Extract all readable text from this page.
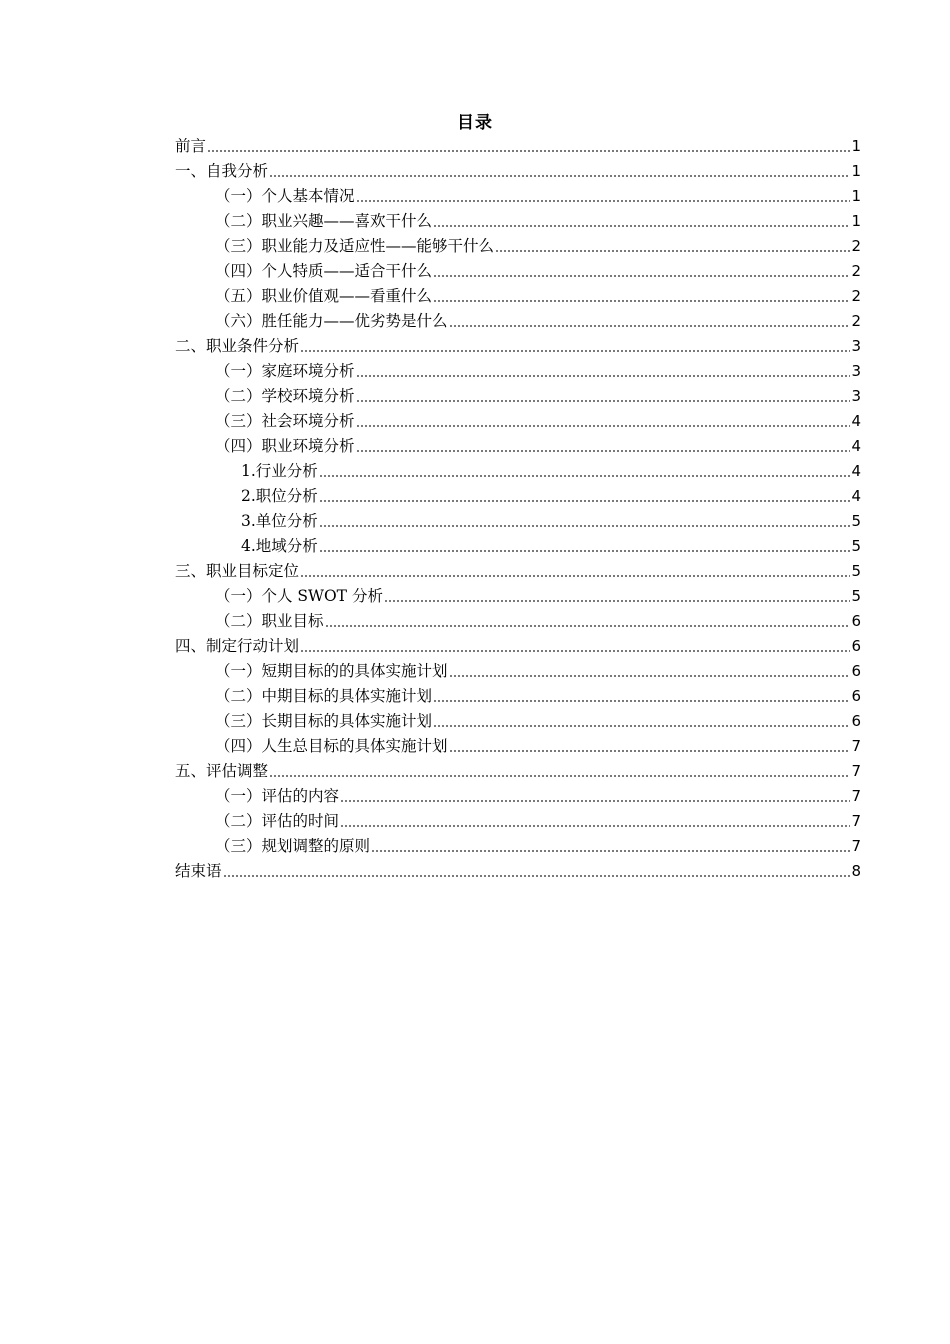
目录
前言	1
一、自我分析	1
（一）个人基本情况	1
（二）职业兴趣——喜欢干什么	1
（三）职业能力及适应性——能够干什么	2
（四）个人特质——适合干什么	2
（五）职业价值观——看重什么	2
（六）胜任能力——优劣势是什么	2
二、职业条件分析	3
（一）家庭环境分析	3
（二）学校环境分析	3
（三）社会环境分析	4
（四）职业环境分析	4
1.行业分析	4
2.职位分析	4
3.单位分析	5
4.地域分析	5
三、职业目标定位	5
（一）个人 SWOT 分析	5
（二）职业目标	6
四、制定行动计划	6
（一）短期目标的的具体实施计划	6
（二）中期目标的具体实施计划	6
（三）长期目标的具体实施计划	6
（四）人生总目标的具体实施计划	7
五、评估调整	7
（一）评估的内容	7
（二）评估的时间	7
（三）规划调整的原则	7
结束语	8
